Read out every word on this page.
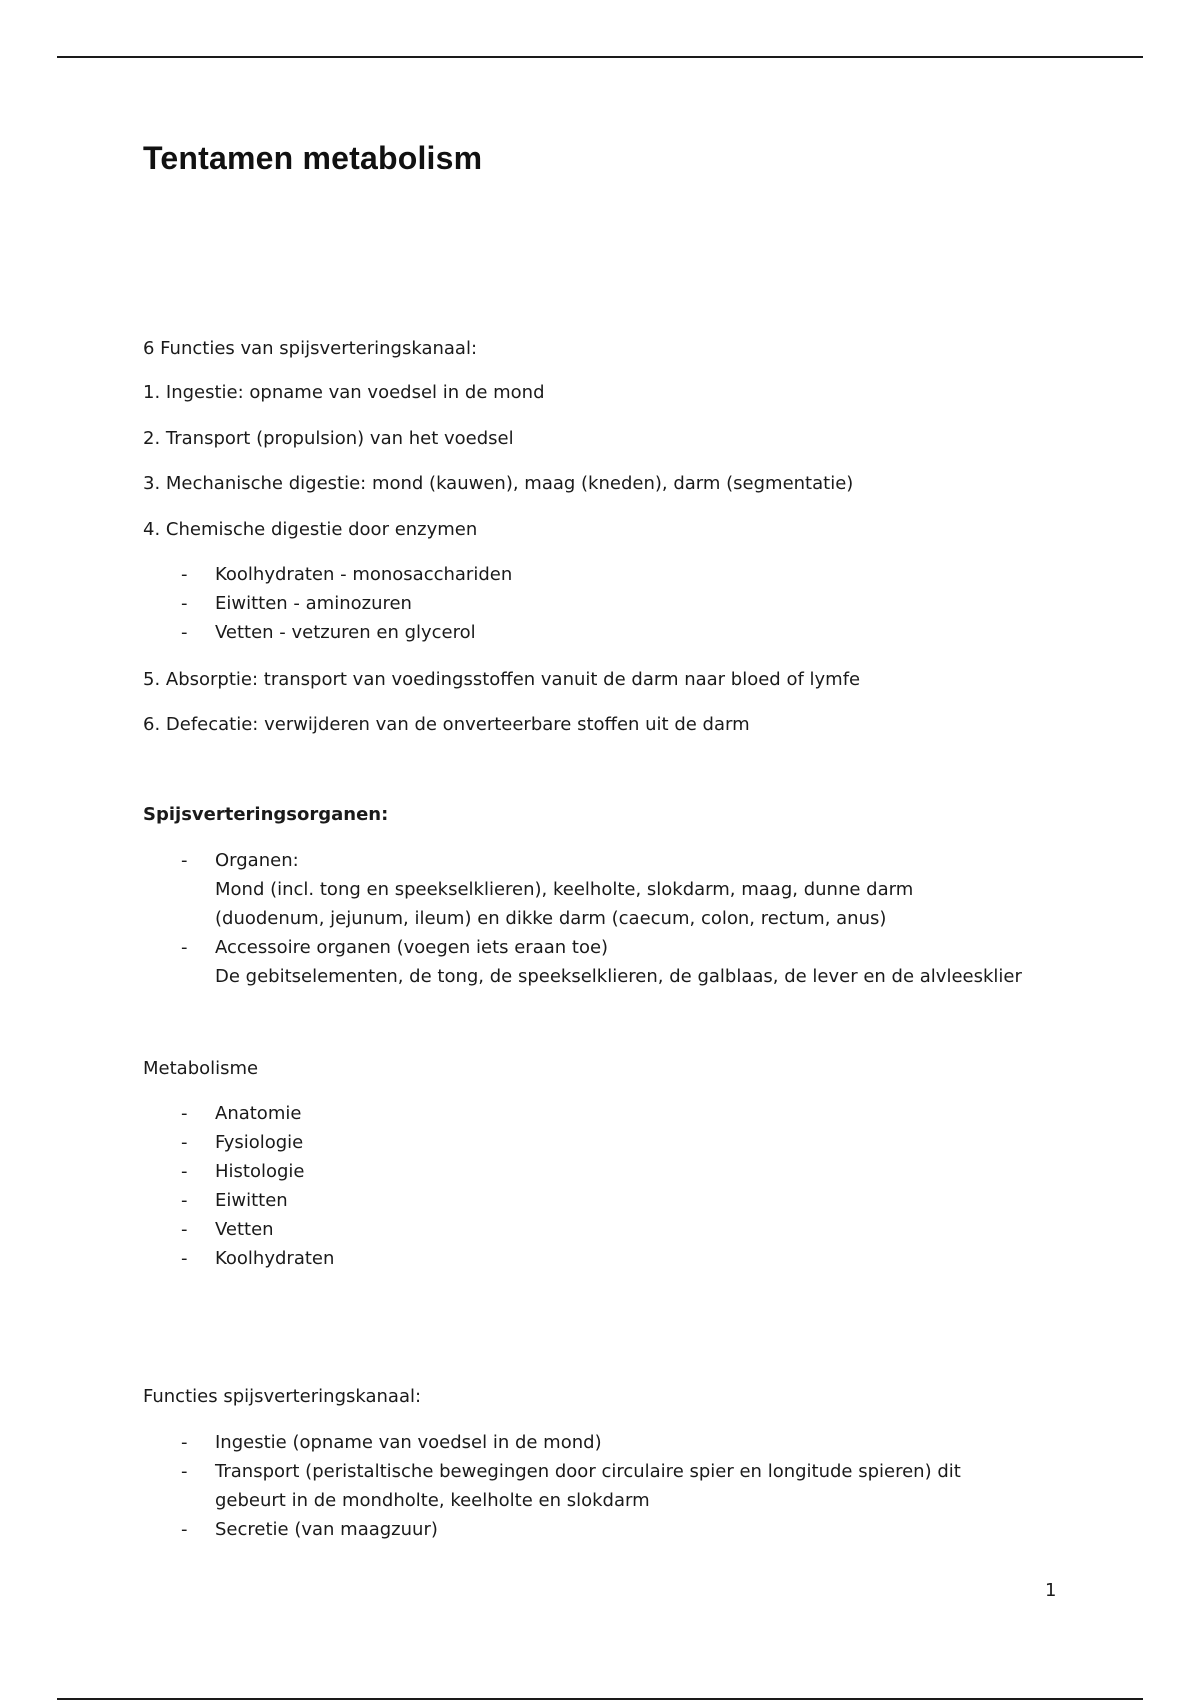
Tentamen metabolism

6 Functies van spijsverteringskanaal:

1. Ingestie: opname van voedsel in de mond

2. Transport (propulsion) van het voedsel

3. Mechanische digestie: mond (kauwen), maag (kneden), darm (segmentatie)

4. Chemische digestie door enzymen

- Koolhydraten - monosacchariden
- Eiwitten - aminozuren
- Vetten - vetzuren en glycerol

5. Absorptie: transport van voedingsstoffen vanuit de darm naar bloed of lymfe

6. Defecatie: verwijderen van de onverteerbare stoffen uit de darm

Spijsverteringsorganen:

- Organen:
Mond (incl. tong en speekselklieren), keelholte, slokdarm, maag, dunne darm
(duodenum, jejunum, ileum) en dikke darm (caecum, colon, rectum, anus)
- Accessoire organen (voegen iets eraan toe)
De gebitselementen, de tong, de speekselklieren, de galblaas, de lever en de alvleesklier

Metabolisme

- Anatomie
- Fysiologie
- Histologie
- Eiwitten
- Vetten
- Koolhydraten

Functies spijsverteringskanaal:

- Ingestie (opname van voedsel in de mond)
- Transport (peristaltische bewegingen door circulaire spier en longitude spieren) dit
gebeurt in de mondholte, keelholte en slokdarm
- Secretie (van maagzuur)
1
